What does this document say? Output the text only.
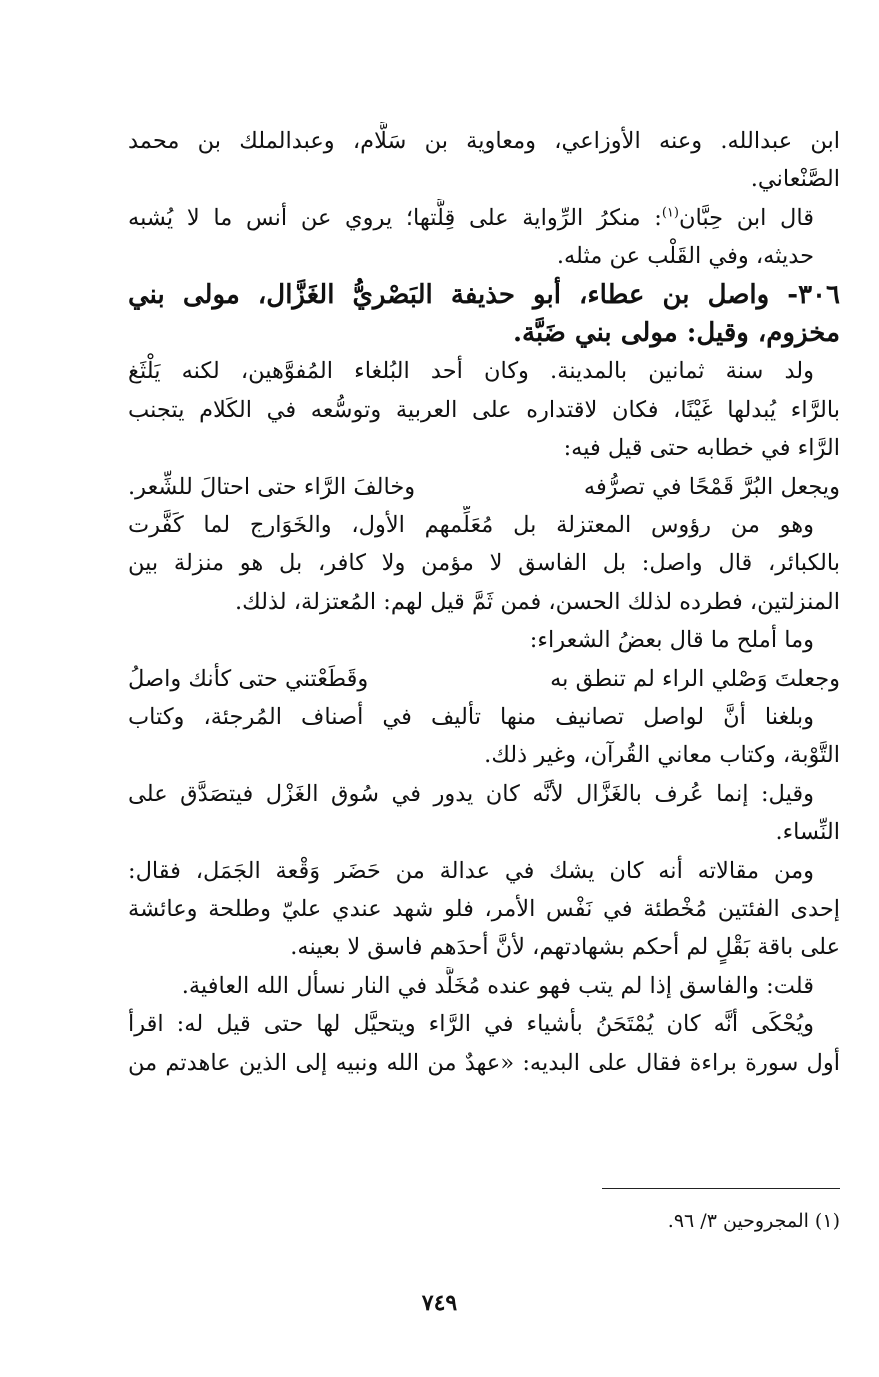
ابن عبدالله. وعنه الأوزاعي، ومعاوية بن سَلَّام، وعبدالملك بن محمد
الصَّنْعاني.
قال ابن حِبَّان$^{(١)}$: منكرُ الرِّواية على قِلَّتها؛ يروي عن أنس ما لا يُشبه
حديثه، وفي القَلْب عن مثله.
٣٠٦- واصل بن عطاء، أبو حذيفة البَصْريُّ الغَزَّال، مولى بني
مخزوم، وقيل: مولى بني ضَبَّة.
ولد سنة ثمانين بالمدينة. وكان أحد البُلغاء المُفوَّهين، لكنه يَلْثَغ
بالرَّاء يُبدلها غَيْنًا، فكان لاقتداره على العربية وتوسُّعه في الكَلام يتجنب
الرَّاء في خطابه حتى قيل فيه:
ويجعل البُرَّ قَمْحًا في تصرُّفه
وخالفَ الرَّاء حتى احتالَ للشِّعر.
وهو من رؤوس المعتزلة بل مُعَلِّمهم الأول، والخَوَارج لما كَفَّرت
بالكبائر، قال واصل: بل الفاسق لا مؤمن ولا كافر، بل هو منزلة بين
المنزلتين، فطرده لذلك الحسن، فمن ثَمَّ قيل لهم: المُعتزلة، لذلك.
وما أملح ما قال بعضُ الشعراء:
وجعلتَ وَصْلي الراء لم تنطق به
وقَطَعْتني حتى كأنك واصلُ
وبلغنا أنَّ لواصل تصانيف منها تأليف في أصناف المُرجئة، وكتاب
التَّوْبة، وكتاب معاني القُرآن، وغير ذلك.
وقيل: إنما عُرف بالغَزَّال لأنَّه كان يدور في سُوق الغَزْل فيتصَدَّق على
النِّساء.
ومن مقالاته أنه كان يشك في عدالة من حَضَر وَقْعة الجَمَل، فقال:
إحدى الفئتين مُخْطئة في نَفْس الأمر، فلو شهد عندي عليّ وطلحة وعائشة
على باقة بَقْلٍ لم أحكم بشهادتهم، لأنَّ أحدَهم فاسق لا بعينه.
قلت: والفاسق إذا لم يتب فهو عنده مُخَلَّد في النار نسأل الله العافية.
ويُحْكَى أنَّه كان يُمْتَحَنُ بأشياء في الرَّاء ويتحيَّل لها حتى قيل له: اقرأ
أول سورة براءة فقال على البديه: «عهدٌ من الله ونبيه إلى الذين عاهدتم من
(١) المجروحين ٣/ ٩٦.
٧٤٩
